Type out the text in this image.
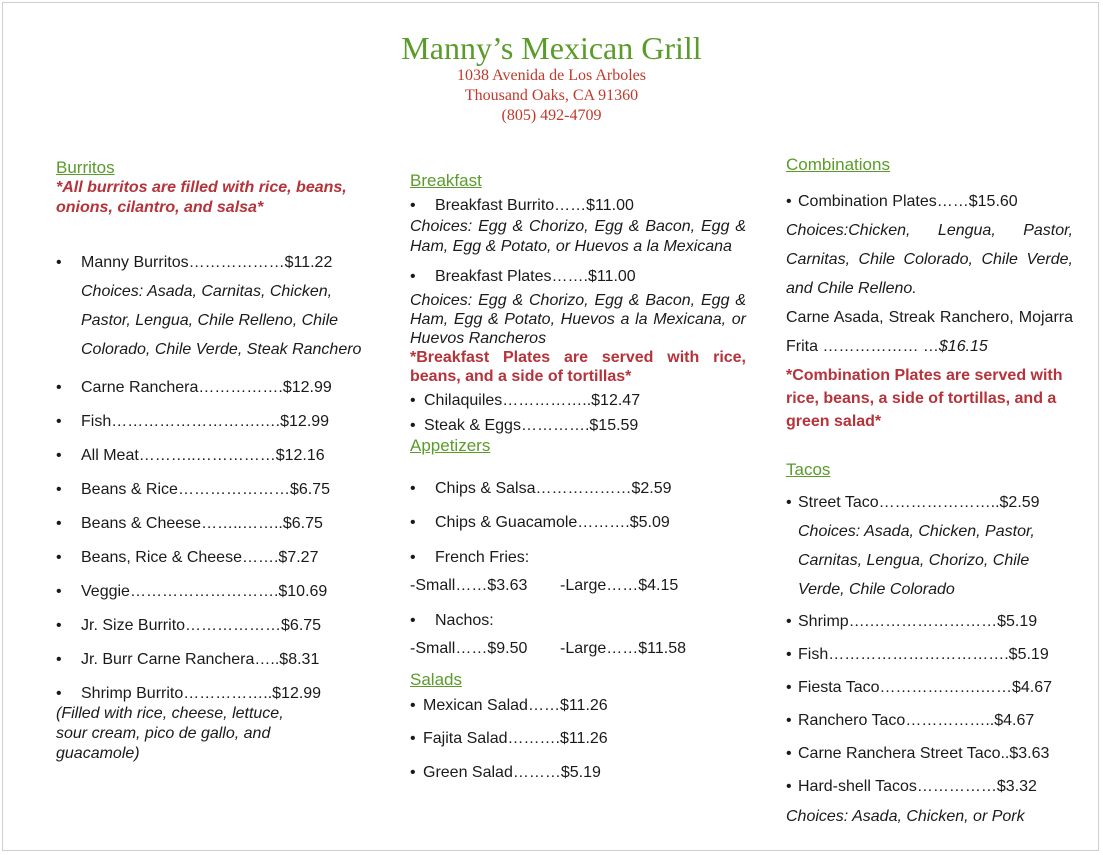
Manny’s Mexican Grill
1038 Avenida de Los Arboles
Thousand Oaks, CA 91360
(805) 492-4709
Burritos
*All burritos are filled with rice, beans, onions, cilantro, and salsa*
• Manny Burritos………………$11.22
Choices: Asada, Carnitas, Chicken, Pastor, Lengua, Chile Relleno, Chile Colorado, Chile Verde, Steak Ranchero
• Carne Ranchera…………….$12.99
• Fish……………………….….$12.99
• All Meat………..……………$12.16
• Beans & Rice…………………$6.75
• Beans & Cheese……..……..$6.75
• Beans, Rice & Cheese…….$7.27
• Veggie……………………….$10.69
• Jr. Size Burrito………………$6.75
• Jr. Burr Carne Ranchera…..$8.31
• Shrimp Burrito……………..$12.99
(Filled with rice, cheese, lettuce, sour cream, pico de gallo, and guacamole)
Breakfast
• Breakfast Burrito……$11.00
Choices: Egg & Chorizo, Egg & Bacon, Egg & Ham, Egg & Potato, or Huevos a la Mexicana
• Breakfast Plates…….$11.00
Choices: Egg & Chorizo, Egg & Bacon, Egg & Ham, Egg & Potato, Huevos a la Mexicana, or Huevos Rancheros
*Breakfast Plates are served with rice, beans, and a side of tortillas*
• Chilaquiles……………..$12.47
• Steak & Eggs………….$15.59
Appetizers
• Chips & Salsa………………$2.59
• Chips & Guacamole……….$5.09
• French Fries:
-Small……$3.63 -Large……$4.15
• Nachos:
-Small……$9.50 -Large……$11.58
Salads
• Mexican Salad……$11.26
• Fajita Salad……….$11.26
• Green Salad………$5.19
Combinations
• Combination Plates……$15.60
Choices:Chicken, Lengua, Pastor, Carnitas, Chile Colorado, Chile Verde, and Chile Relleno.
Carne Asada, Streak Ranchero, Mojarra Frita ……………… …$16.15
*Combination Plates are served with rice, beans, a side of tortillas, and a green salad*
Tacos
• Street Taco…………………..$2.59
Choices: Asada, Chicken, Pastor, Carnitas, Lengua, Chorizo, Chile Verde, Chile Colorado
• Shrimp….……………………$5.19
• Fish…………………………….$5.19
• Fiesta Taco……………….……$4.67
• Ranchero Taco……………..$4.67
• Carne Ranchera Street Taco..$3.63
• Hard-shell Tacos……………$3.32
Choices: Asada, Chicken, or Pork
